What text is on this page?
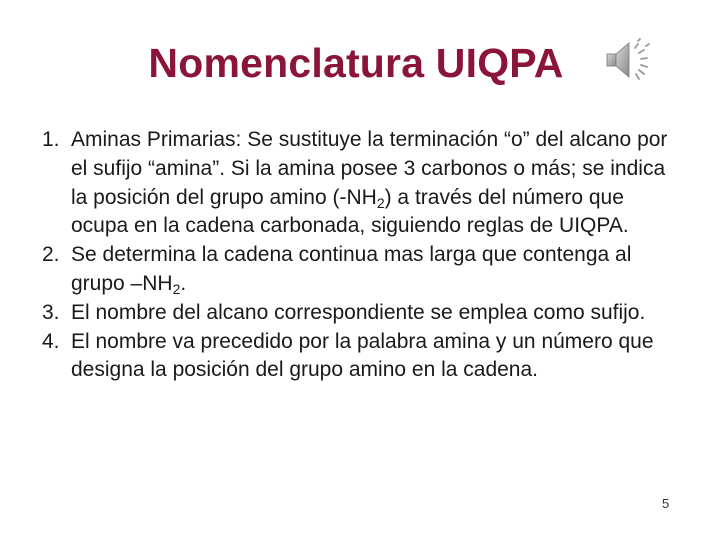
Nomenclatura UIQPA
1. Aminas Primarias: Se sustituye la terminación “o” del alcano por el sufijo “amina”. Si la amina posee 3 carbonos o más; se indica la posición del grupo amino $(-NH_2)$ a través del número que ocupa en la cadena carbonada, siguiendo reglas de UIQPA.
2. Se determina la cadena continua mas larga que contenga al grupo $-NH_2$.
3. El nombre del alcano correspondiente se emplea como sufijo.
4. El nombre va precedido por la palabra amina y un número que designa la posición del grupo amino en la cadena.
5
